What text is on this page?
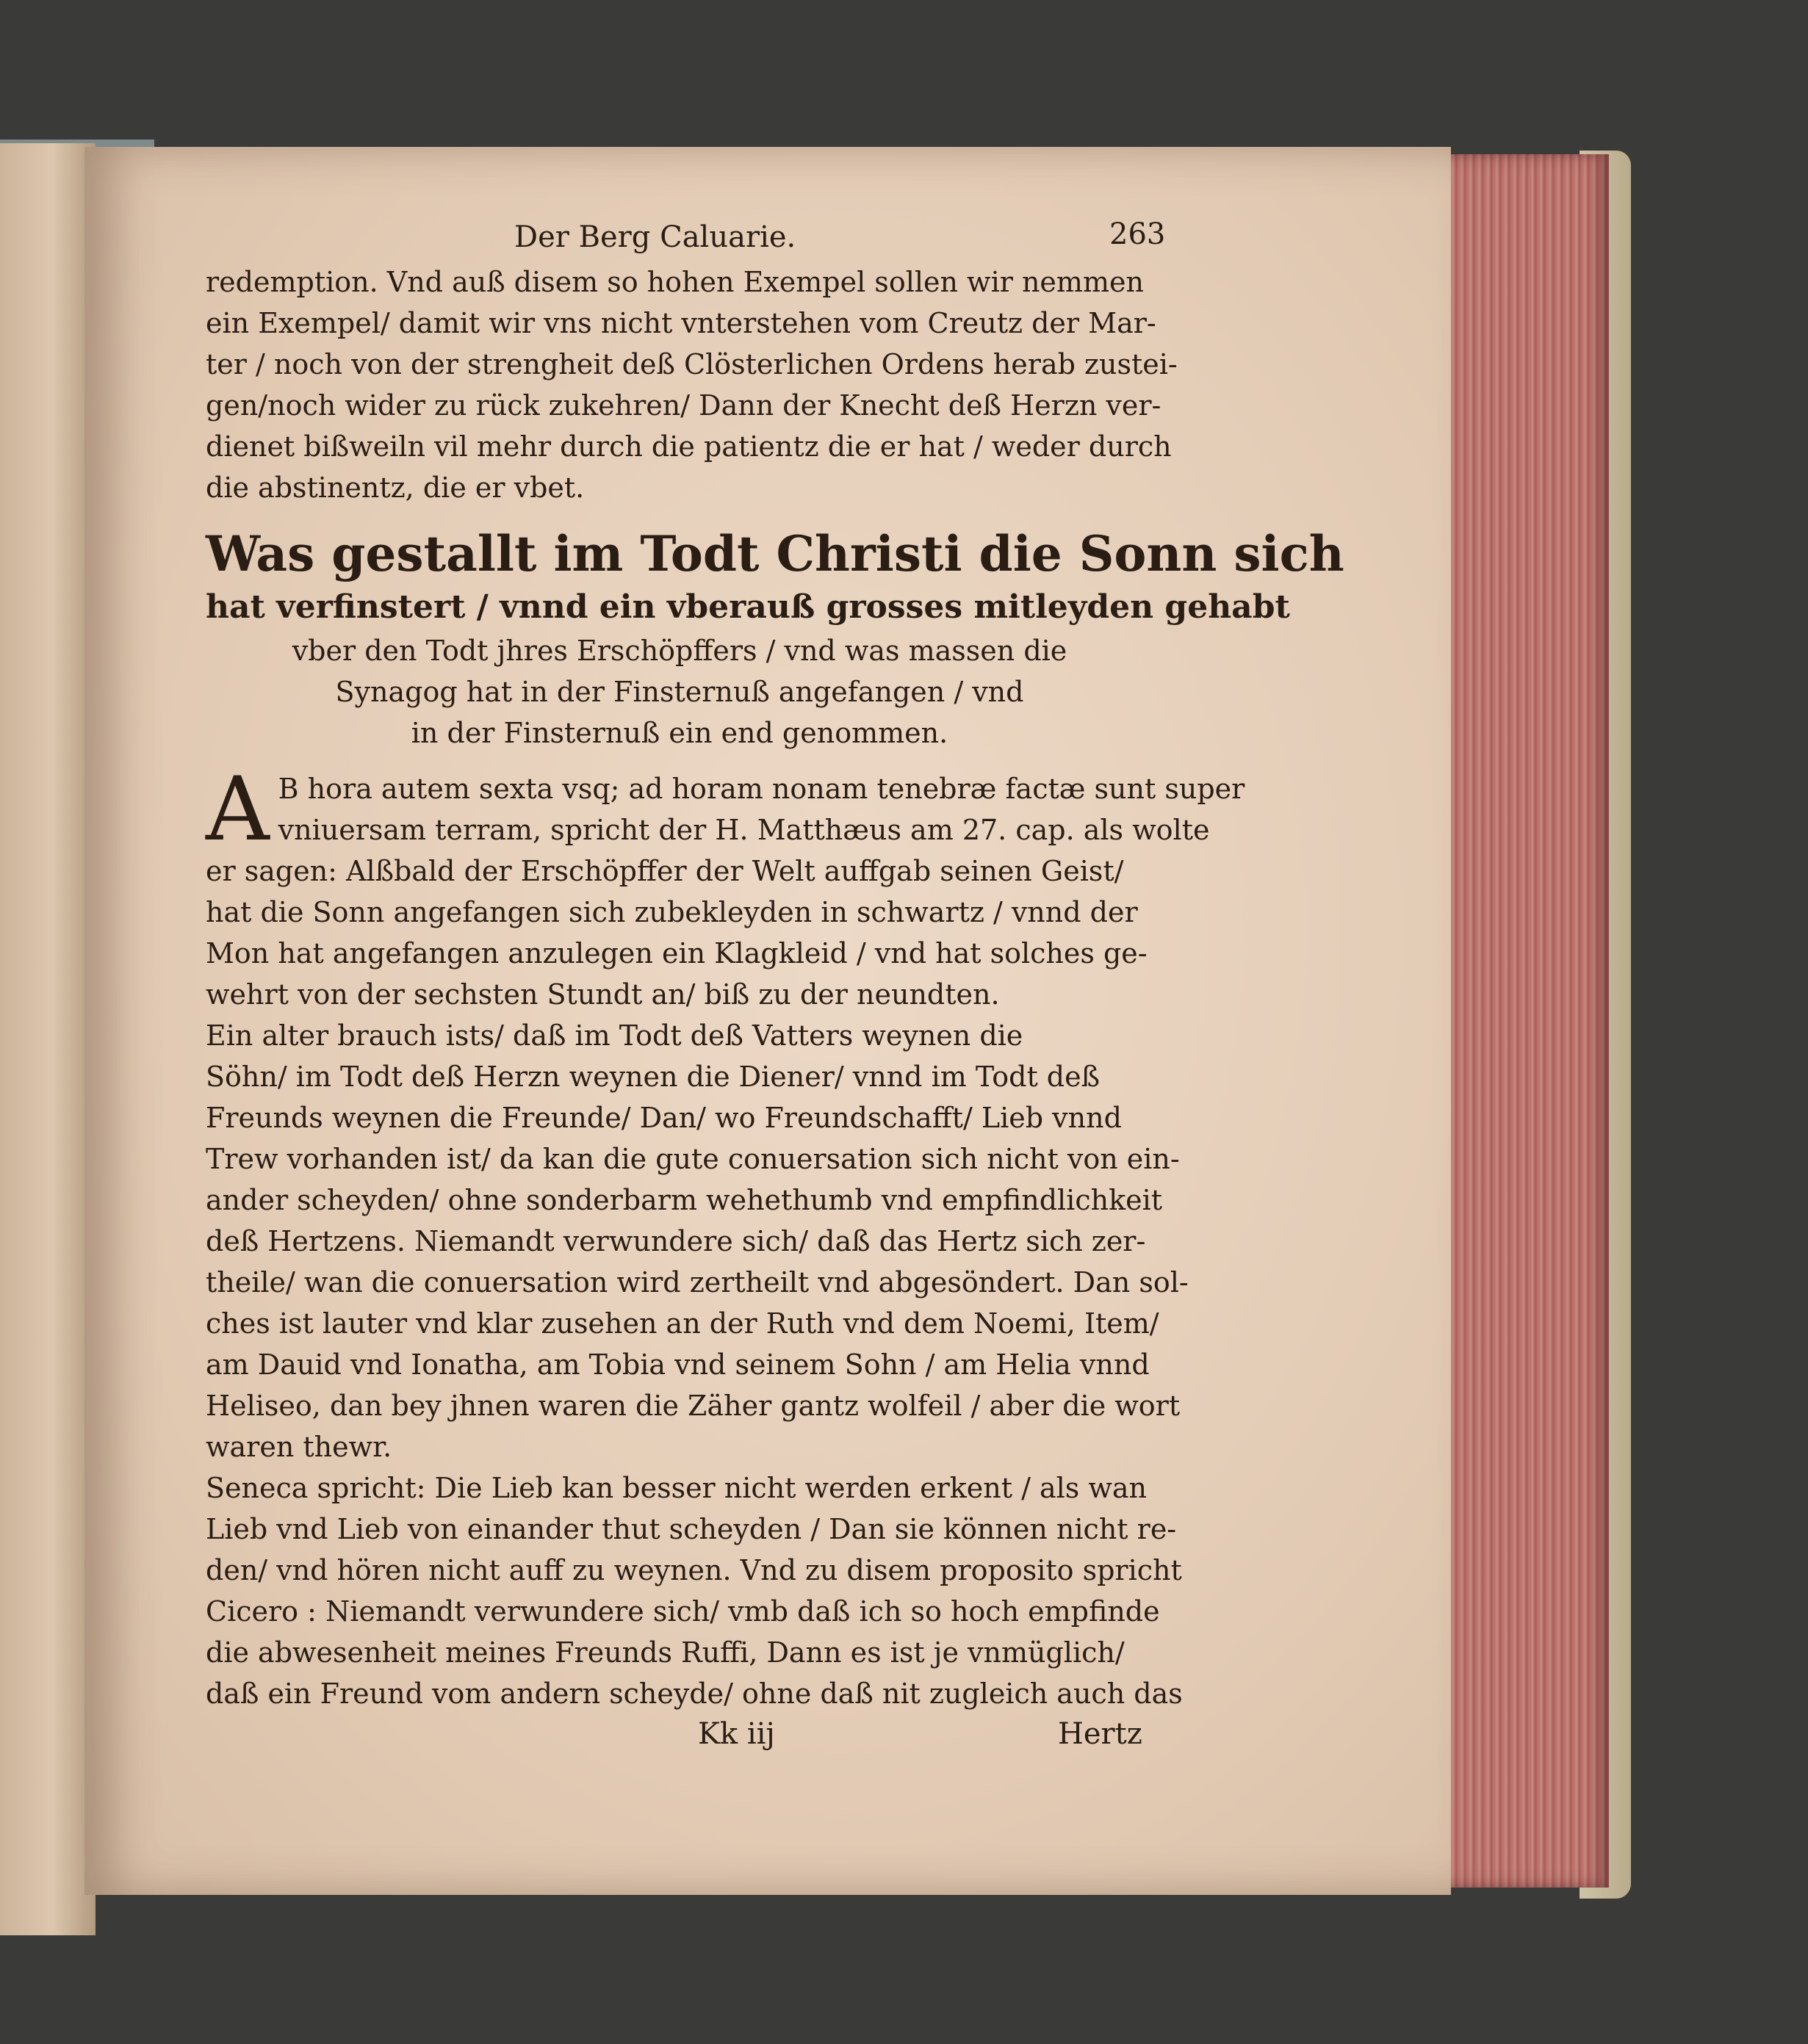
Der Berg Caluarie.	263

redemption. Vnd auß disem so hohen Exempel sollen wir nemmen

ein Exempel/ damit wir vns nicht vnterstehen vom Creutz der Mar-

ter / noch von der strengheit deß Clösterlichen Ordens herab zustei-

gen/noch wider zu rück zukehren/ Dann der Knecht deß Herzn ver-

dienet bißweiln vil mehr durch die patientz die er hat / weder durch

die abstinentz, die er vbet.

Was gestallt im Todt Christi die Sonn sich

hat verfinstert / vnnd ein vberauß grosses mitleyden gehabt

vber den Todt jhres Erschöpffers / vnd was massen die

Synagog hat in der Finsternuß angefangen / vnd

in der Finsternuß ein end genommen.

A B hora autem sexta vsq; ad horam nonam tenebræ factæ sunt super

vniuersam terram, spricht der H. Matthæus am 27. cap. als wolte

er sagen: Alßbald der Erschöpffer der Welt auffgab seinen Geist/

hat die Sonn angefangen sich zubekleyden in schwartz / vnnd der

Mon hat angefangen anzulegen ein Klagkleid / vnd hat solches ge-

wehrt von der sechsten Stundt an/ biß zu der neundten.

Ein alter brauch ists/ daß im Todt deß Vatters weynen die

Söhn/ im Todt deß Herzn weynen die Diener/ vnnd im Todt deß

Freunds weynen die Freunde/ Dan/ wo Freundschafft/ Lieb vnnd

Trew vorhanden ist/ da kan die gute conuersation sich nicht von ein-

ander scheyden/ ohne sonderbarm wehethumb vnd empfindlichkeit

deß Hertzens. Niemandt verwundere sich/ daß das Hertz sich zer-

theile/ wan die conuersation wird zertheilt vnd abgesöndert. Dan sol-

ches ist lauter vnd klar zusehen an der Ruth vnd dem Noemi, Item/

am Dauid vnd Ionatha, am Tobia vnd seinem Sohn / am Helia vnnd

Heliseo, dan bey jhnen waren die Zäher gantz wolfeil / aber die wort

waren thewr.

Seneca spricht: Die Lieb kan besser nicht werden erkent / als wan

Lieb vnd Lieb von einander thut scheyden / Dan sie können nicht re-

den/ vnd hören nicht auff zu weynen. Vnd zu disem proposito spricht

Cicero : Niemandt verwundere sich/ vmb daß ich so hoch empfinde

die abwesenheit meines Freunds Ruffi, Dann es ist je vnmüglich/

daß ein Freund vom andern scheyde/ ohne daß nit zugleich auch das

Kk iij	Hertz
